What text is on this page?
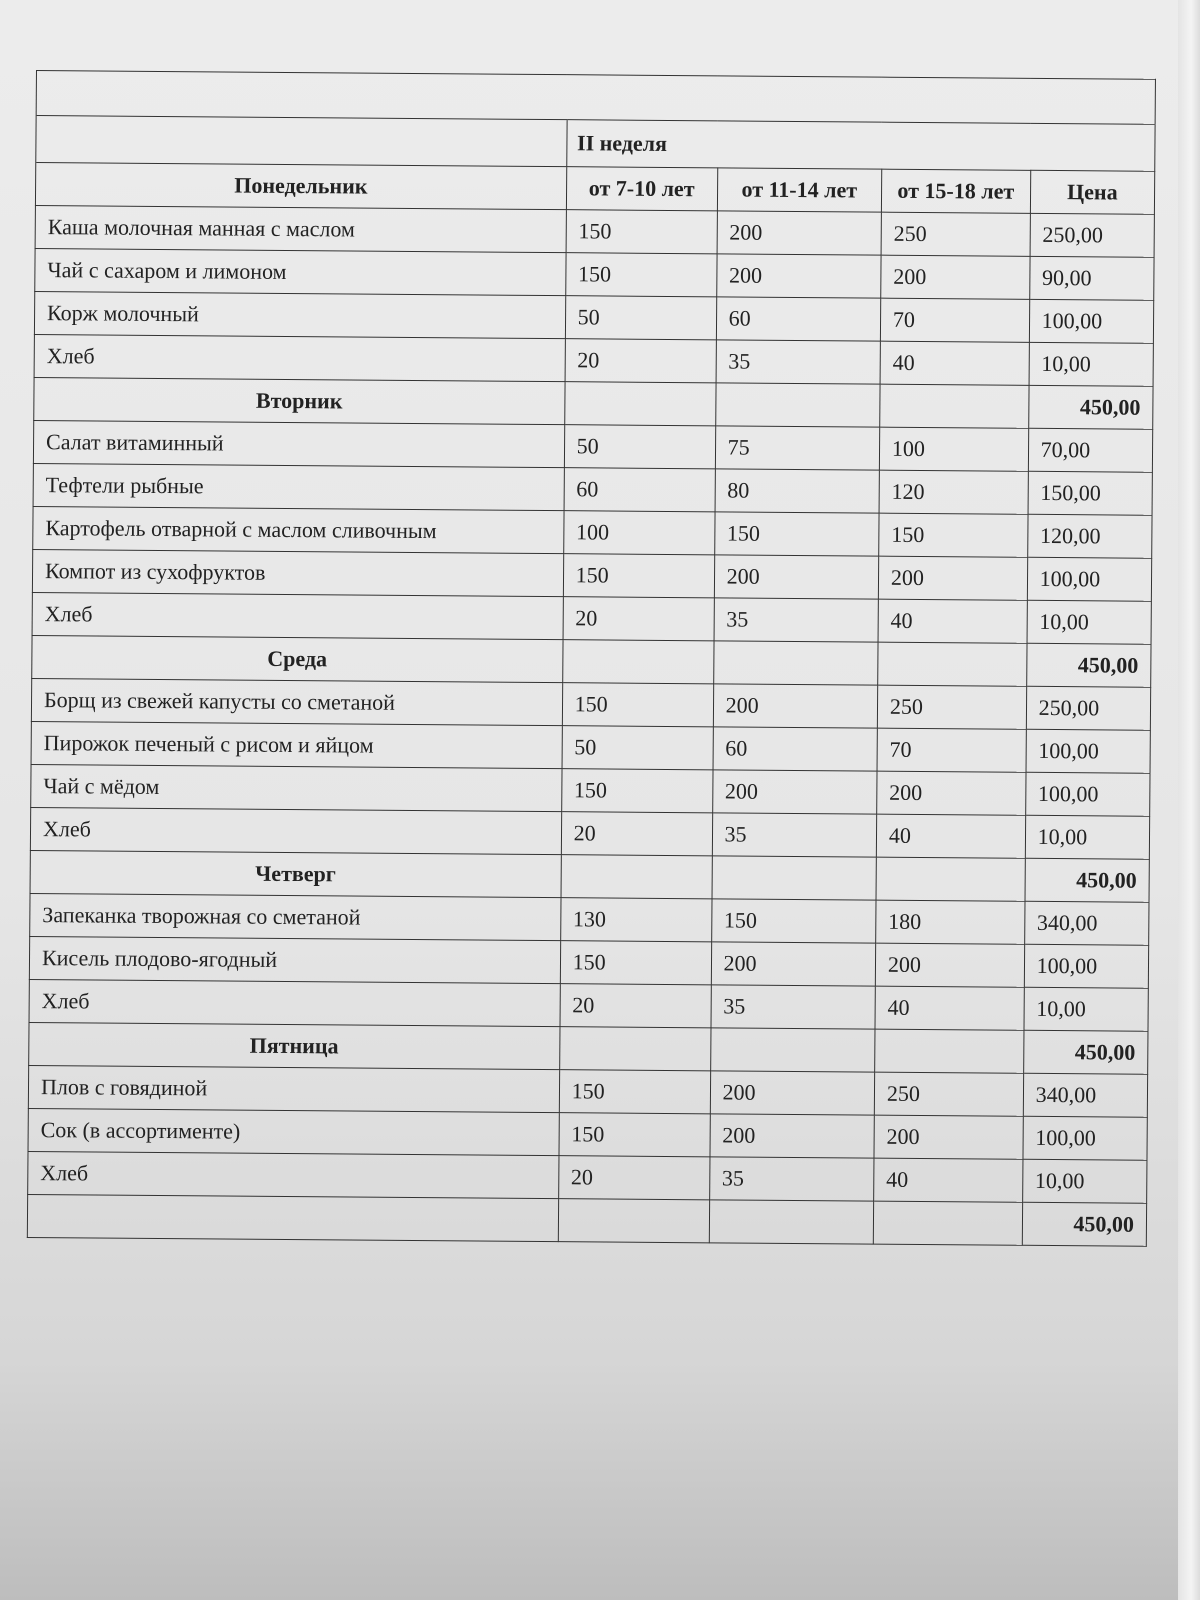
	II неделя			
Понедельник	от 7-10 лет	от 11-14 лет	от 15-18 лет	Цена
Каша молочная манная с маслом	150	200	250	250,00
Чай с сахаром и лимоном	150	200	200	90,00
Корж молочный	50	60	70	100,00
Хлеб	20	35	40	10,00
Вторник				450,00
Салат витаминный	50	75	100	70,00
Тефтели рыбные	60	80	120	150,00
Картофель отварной с маслом сливочным	100	150	150	120,00
Компот из сухофруктов	150	200	200	100,00
Хлеб	20	35	40	10,00
Среда				450,00
Борщ из свежей капусты со сметаной	150	200	250	250,00
Пирожок печеный с рисом и яйцом	50	60	70	100,00
Чай с мёдом	150	200	200	100,00
Хлеб	20	35	40	10,00
Четверг				450,00
Запеканка творожная со сметаной	130	150	180	340,00
Кисель плодово-ягодный	150	200	200	100,00
Хлеб	20	35	40	10,00
Пятница				450,00
Плов с говядиной	150	200	250	340,00
Сок (в ассортименте)	150	200	200	100,00
Хлеб	20	35	40	10,00
				450,00
